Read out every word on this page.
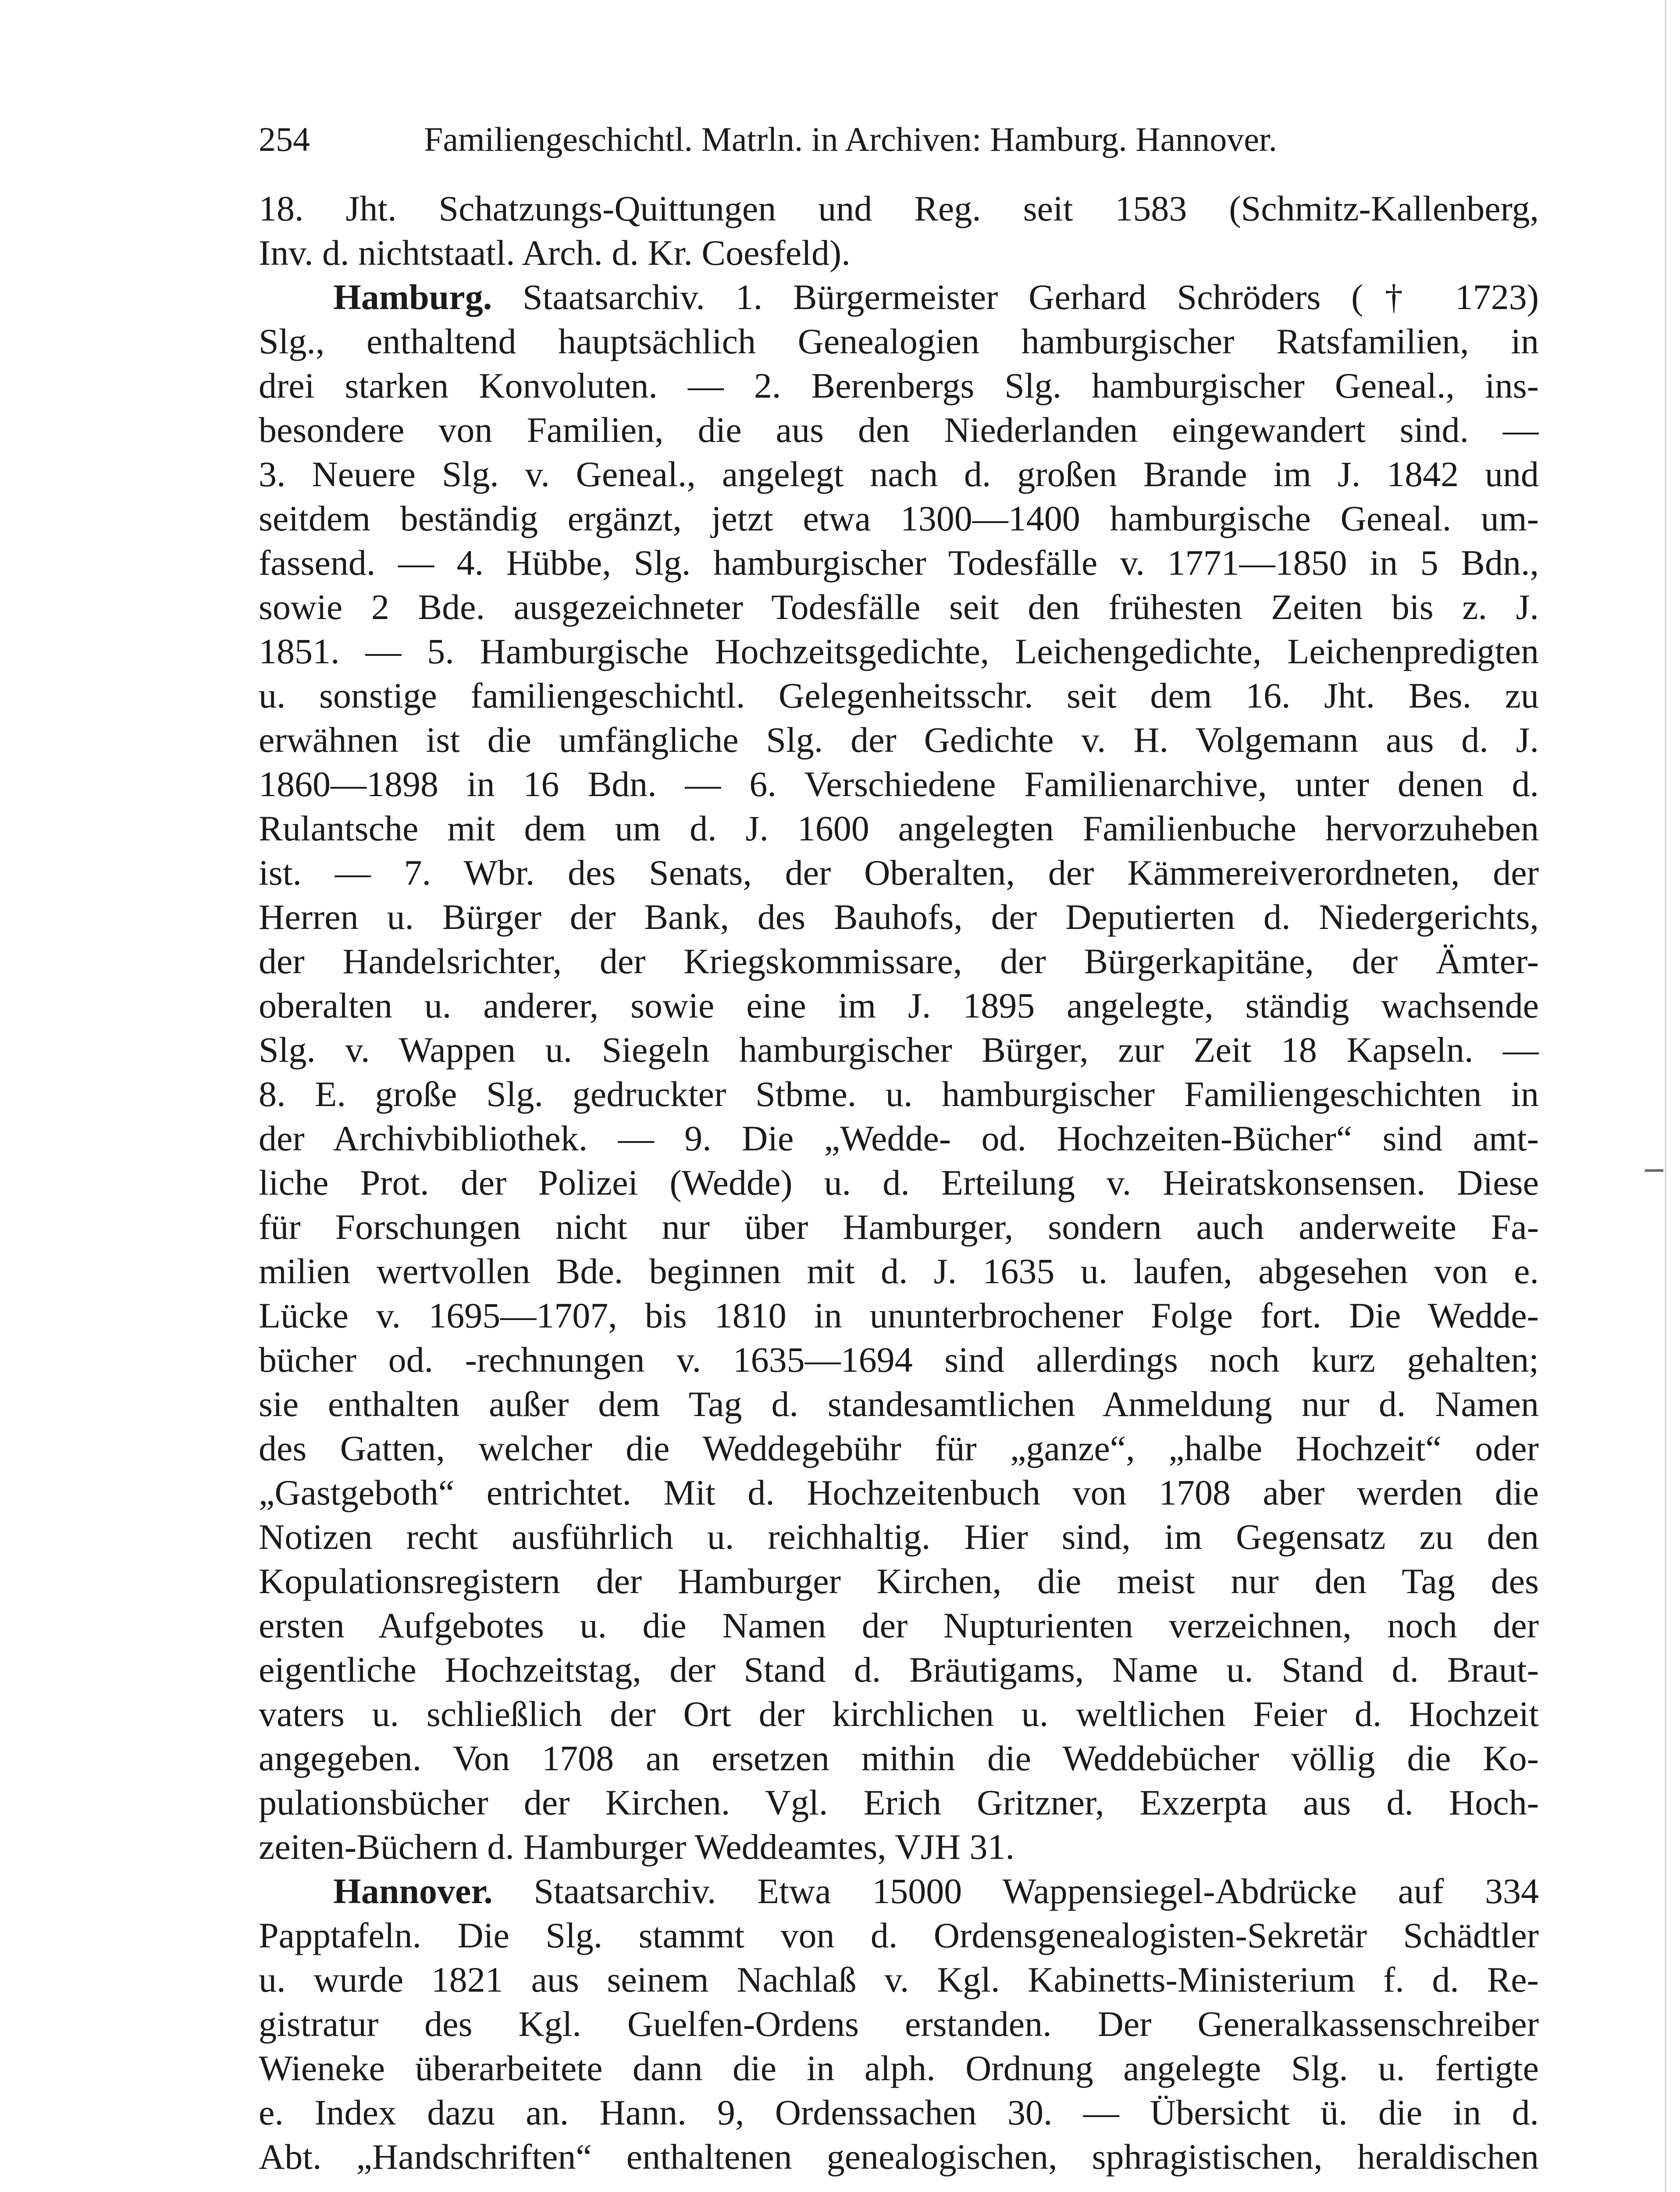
254	Familiengeschichtl. Matrln. in Archiven: Hamburg. Hannover.
18. Jht. Schatzungs-Quittungen und Reg. seit 1583 (Schmitz-Kallenberg,
Inv. d. nichtstaatl. Arch. d. Kr. Coesfeld).
Hamburg. Staatsarchiv. 1. Bürgermeister Gerhard Schröders († 1723)
Slg., enthaltend hauptsächlich Genealogien hamburgischer Ratsfamilien, in
drei starken Konvoluten. — 2. Berenbergs Slg. hamburgischer Geneal., ins-
besondere von Familien, die aus den Niederlanden eingewandert sind. —
3. Neuere Slg. v. Geneal., angelegt nach d. großen Brande im J. 1842 und
seitdem beständig ergänzt, jetzt etwa 1300—1400 hamburgische Geneal. um-
fassend. — 4. Hübbe, Slg. hamburgischer Todesfälle v. 1771—1850 in 5 Bdn.,
sowie 2 Bde. ausgezeichneter Todesfälle seit den frühesten Zeiten bis z. J.
1851. — 5. Hamburgische Hochzeitsgedichte, Leichengedichte, Leichenpredigten
u. sonstige familiengeschichtl. Gelegenheitsschr. seit dem 16. Jht. Bes. zu
erwähnen ist die umfängliche Slg. der Gedichte v. H. Volgemann aus d. J.
1860—1898 in 16 Bdn. — 6. Verschiedene Familienarchive, unter denen d.
Rulantsche mit dem um d. J. 1600 angelegten Familienbuche hervorzuheben
ist. — 7. Wbr. des Senats, der Oberalten, der Kämmereiverordneten, der
Herren u. Bürger der Bank, des Bauhofs, der Deputierten d. Niedergerichts,
der Handelsrichter, der Kriegskommissare, der Bürgerkapitäne, der Ämter-
oberalten u. anderer, sowie eine im J. 1895 angelegte, ständig wachsende
Slg. v. Wappen u. Siegeln hamburgischer Bürger, zur Zeit 18 Kapseln. —
8. E. große Slg. gedruckter Stbme. u. hamburgischer Familiengeschichten in
der Archivbibliothek. — 9. Die „Wedde- od. Hochzeiten-Bücher“ sind amt-
liche Prot. der Polizei (Wedde) u. d. Erteilung v. Heiratskonsensen. Diese
für Forschungen nicht nur über Hamburger, sondern auch anderweite Fa-
milien wertvollen Bde. beginnen mit d. J. 1635 u. laufen, abgesehen von e.
Lücke v. 1695—1707, bis 1810 in ununterbrochener Folge fort. Die Wedde-
bücher od. -rechnungen v. 1635—1694 sind allerdings noch kurz gehalten;
sie enthalten außer dem Tag d. standesamtlichen Anmeldung nur d. Namen
des Gatten, welcher die Weddegebühr für „ganze“, „halbe Hochzeit“ oder
„Gastgeboth“ entrichtet. Mit d. Hochzeitenbuch von 1708 aber werden die
Notizen recht ausführlich u. reichhaltig. Hier sind, im Gegensatz zu den
Kopulationsregistern der Hamburger Kirchen, die meist nur den Tag des
ersten Aufgebotes u. die Namen der Nupturienten verzeichnen, noch der
eigentliche Hochzeitstag, der Stand d. Bräutigams, Name u. Stand d. Braut-
vaters u. schließlich der Ort der kirchlichen u. weltlichen Feier d. Hochzeit
angegeben. Von 1708 an ersetzen mithin die Weddebücher völlig die Ko-
pulationsbücher der Kirchen. Vgl. Erich Gritzner, Exzerpta aus d. Hoch-
zeiten-Büchern d. Hamburger Weddeamtes, VJH 31.
Hannover. Staatsarchiv. Etwa 15000 Wappensiegel-Abdrücke auf 334
Papptafeln. Die Slg. stammt von d. Ordensgenealogisten-Sekretär Schädtler
u. wurde 1821 aus seinem Nachlaß v. Kgl. Kabinetts-Ministerium f. d. Re-
gistratur des Kgl. Guelfen-Ordens erstanden. Der Generalkassenschreiber
Wieneke überarbeitete dann die in alph. Ordnung angelegte Slg. u. fertigte
e. Index dazu an. Hann. 9, Ordenssachen 30. — Übersicht ü. die in d.
Abt. „Handschriften“ enthaltenen genealogischen, sphragistischen, heraldischen
